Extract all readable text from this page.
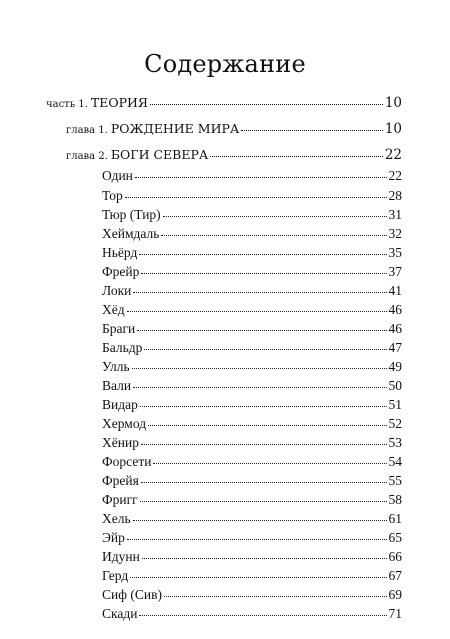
Содержание
часть 1. ТЕОРИЯ	10
глава 1. РОЖДЕНИЕ МИРА	10
глава 2. БОГИ СЕВЕРА	22
Один	22
Тор	28
Тюр (Тир)	31
Хеймдаль	32
Ньёрд	35
Фрейр	37
Локи	41
Хёд	46
Браги	46
Бальдр	47
Улль	49
Вали	50
Видар	51
Хермод	52
Хёнир	53
Форсети	54
Фрейя	55
Фригг	58
Хель	61
Эйр	65
Идунн	66
Герд	67
Сиф (Сив)	69
Скади	71
